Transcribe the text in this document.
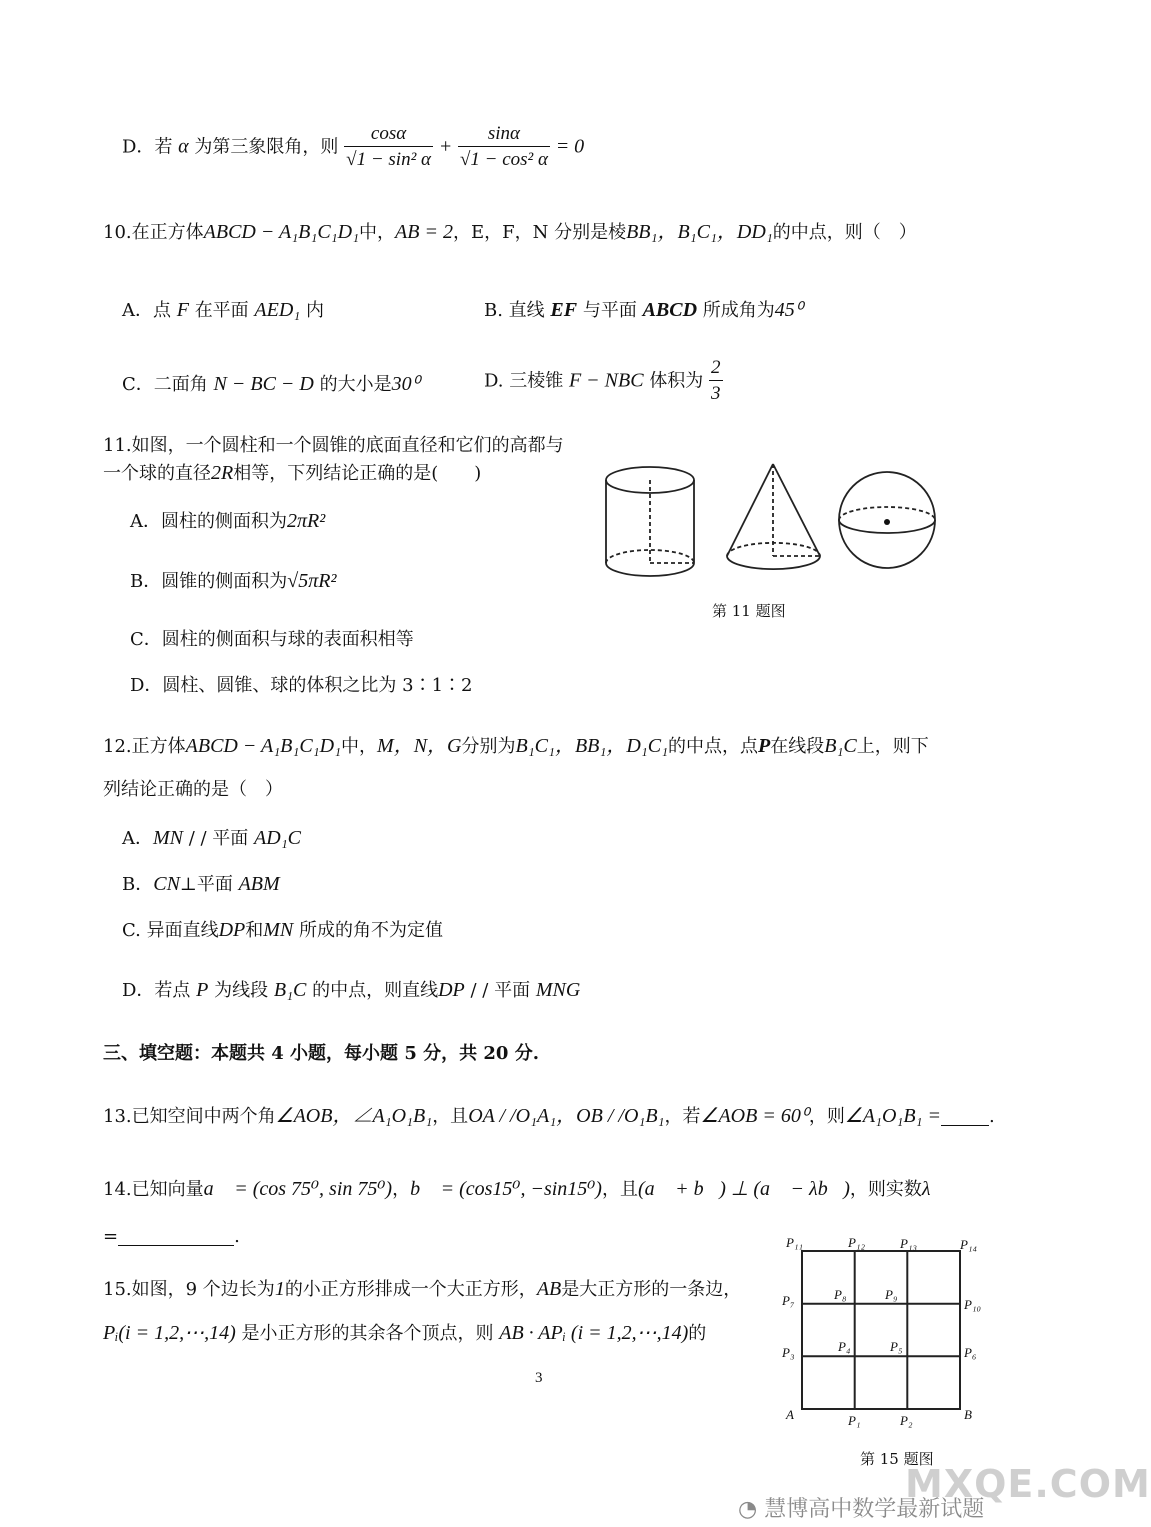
D．若 α 为第三象限角，则 $\frac{\cos\alpha}{\text{√1 − sin² α}} + \frac{\sin\alpha}{\text{√1 − cos² α}} = 0$
10.在正方体ABCD − A₁B₁C₁D₁中，AB = 2，E，F，N 分别是棱BB₁，B₁C₁，DD₁的中点，则（　）
A．点 F 在平面 AED₁ 内	B. 直线 EF 与平面 ABCD 所成角为45⁰
C．二面角 N − BC − D 的大小是30⁰	D. 三棱锥 F − NBC 体积为 $\frac{2}{3}$
11.如图，一个圆柱和一个圆锥的底面直径和它们的高都与
一个球的直径2R相等，下列结论正确的是(　　)
A．圆柱的侧面积为2πR²
B．圆锥的侧面积为√5πR²
C．圆柱的侧面积与球的表面积相等
D．圆柱、圆锥、球的体积之比为 3∶1∶2
第 11 题图
12.正方体ABCD − A₁B₁C₁D₁中，M，N，G分别为B₁C₁，BB₁，D₁C₁的中点，点P在线段B₁C上，则下
列结论正确的是（　）
A．MN / / 平面 AD₁C
B．CN⊥平面 ABM
C. 异面直线DP和MN 所成的角不为定值
D．若点 P 为线段 B₁C 的中点，则直线DP / / 平面 MNG
三、填空题：本题共 4 小题，每小题 5 分，共 20 分.
13.已知空间中两个角∠AOB，∠A₁O₁B₁，且OA / /O₁A₁，OB / /O₁B₁，若∠AOB = 60⁰，则∠A₁O₁B₁ =	.
14.已知向量a⃗ = (cos 75⁰, sin 75⁰)，b⃗ = (cos15⁰, −sin15⁰)，且(a⃗ + b⃗) ⊥ (a⃗ − λb⃗)，则实数λ
=	.
15.如图，9 个边长为1的小正方形排成一个大正方形，AB是大正方形的一条边，
Pᵢ(i = 1,2,⋯,14) 是小正方形的其余各个顶点，则 AB · APᵢ (i = 1,2,⋯,14)的
P₁₁	P₁₂	P₁₃	P₁₄
P₇	P₈	P₉
P₁₀
P₃	P₄	P₅	P₆
A	P₁	P₂	B
第 15 题图
3
◔ 慧博高中数学最新试题
MXQE.COM
